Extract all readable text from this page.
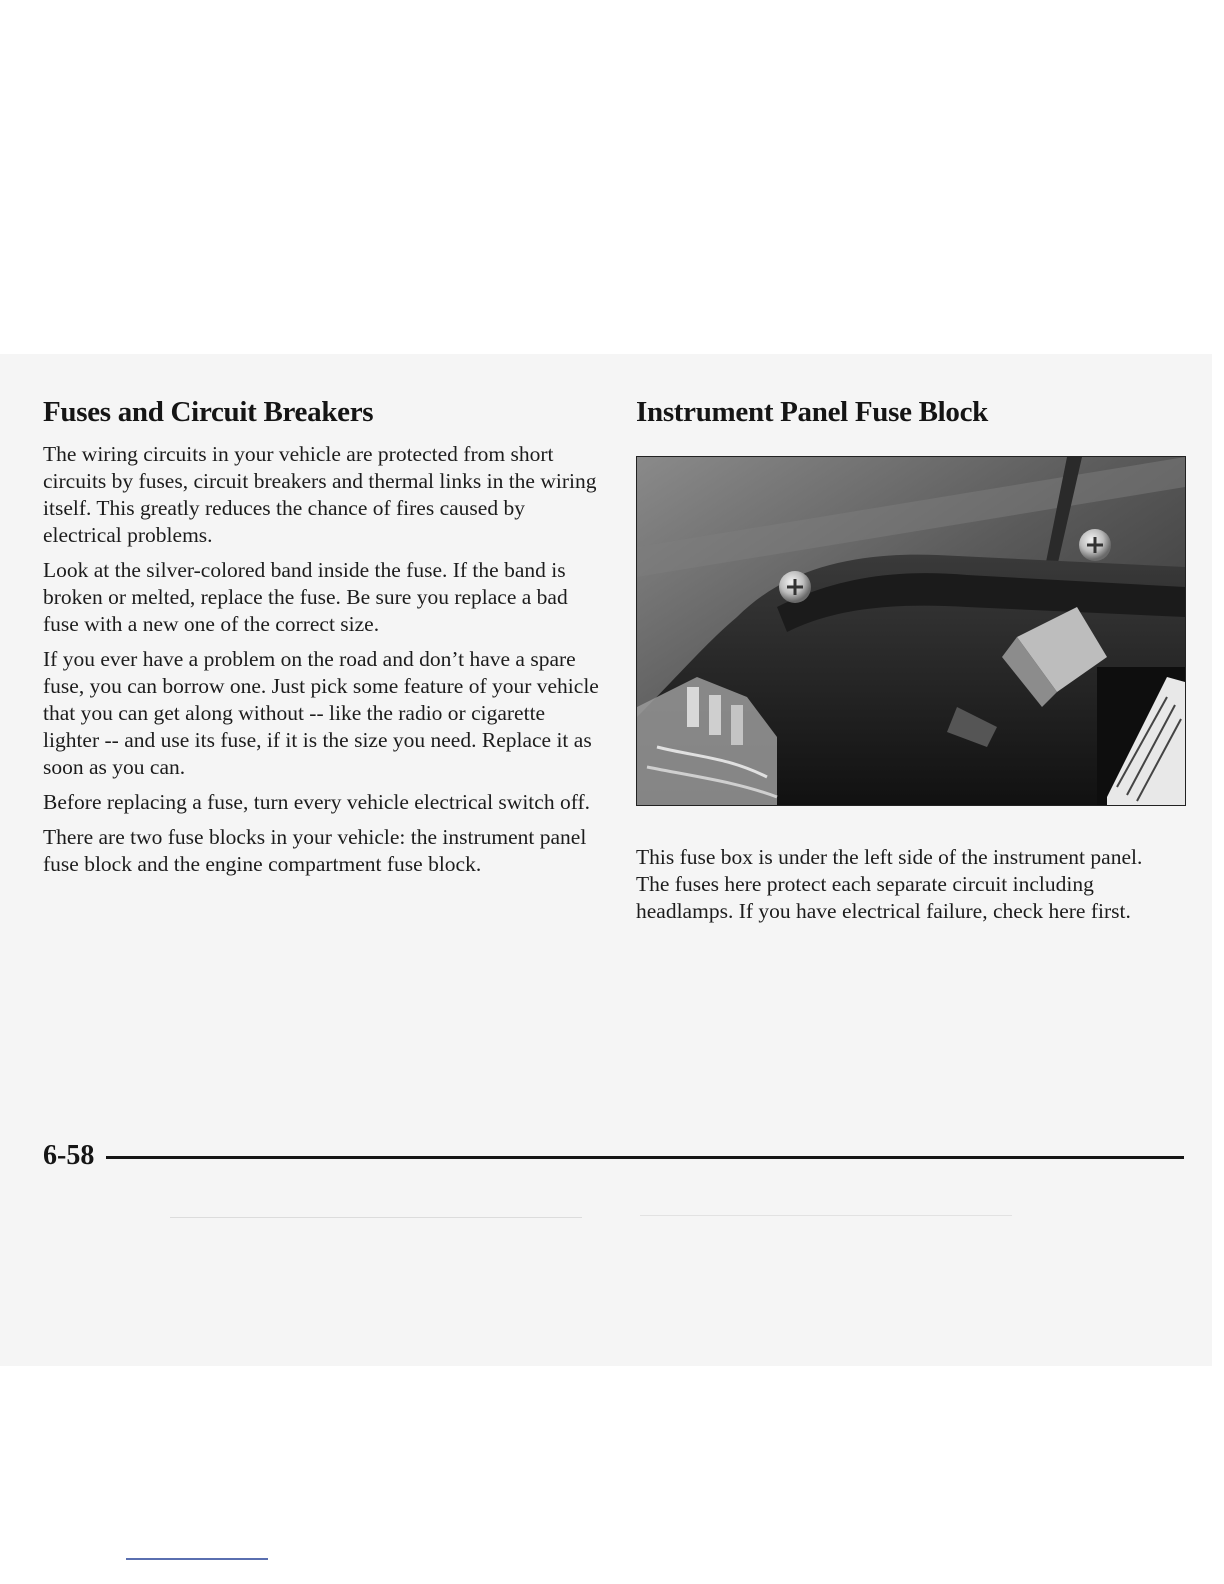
Fuses and Circuit Breakers

The wiring circuits in your vehicle are protected from short circuits by fuses, circuit breakers and thermal links in the wiring itself. This greatly reduces the chance of fires caused by electrical problems.

Look at the silver-colored band inside the fuse. If the band is broken or melted, replace the fuse. Be sure you replace a bad fuse with a new one of the correct size.

If you ever have a problem on the road and don’t have a spare fuse, you can borrow one. Just pick some feature of your vehicle that you can get along without -- like the radio or cigarette lighter -- and use its fuse, if it is the size you need. Replace it as soon as you can.

Before replacing a fuse, turn every vehicle electrical switch off.

There are two fuse blocks in your vehicle: the instrument panel fuse block and the engine compartment fuse block.

Instrument Panel Fuse Block

This fuse box is under the left side of the instrument panel. The fuses here protect each separate circuit including headlamps. If you have electrical failure, check here first.

6-58
